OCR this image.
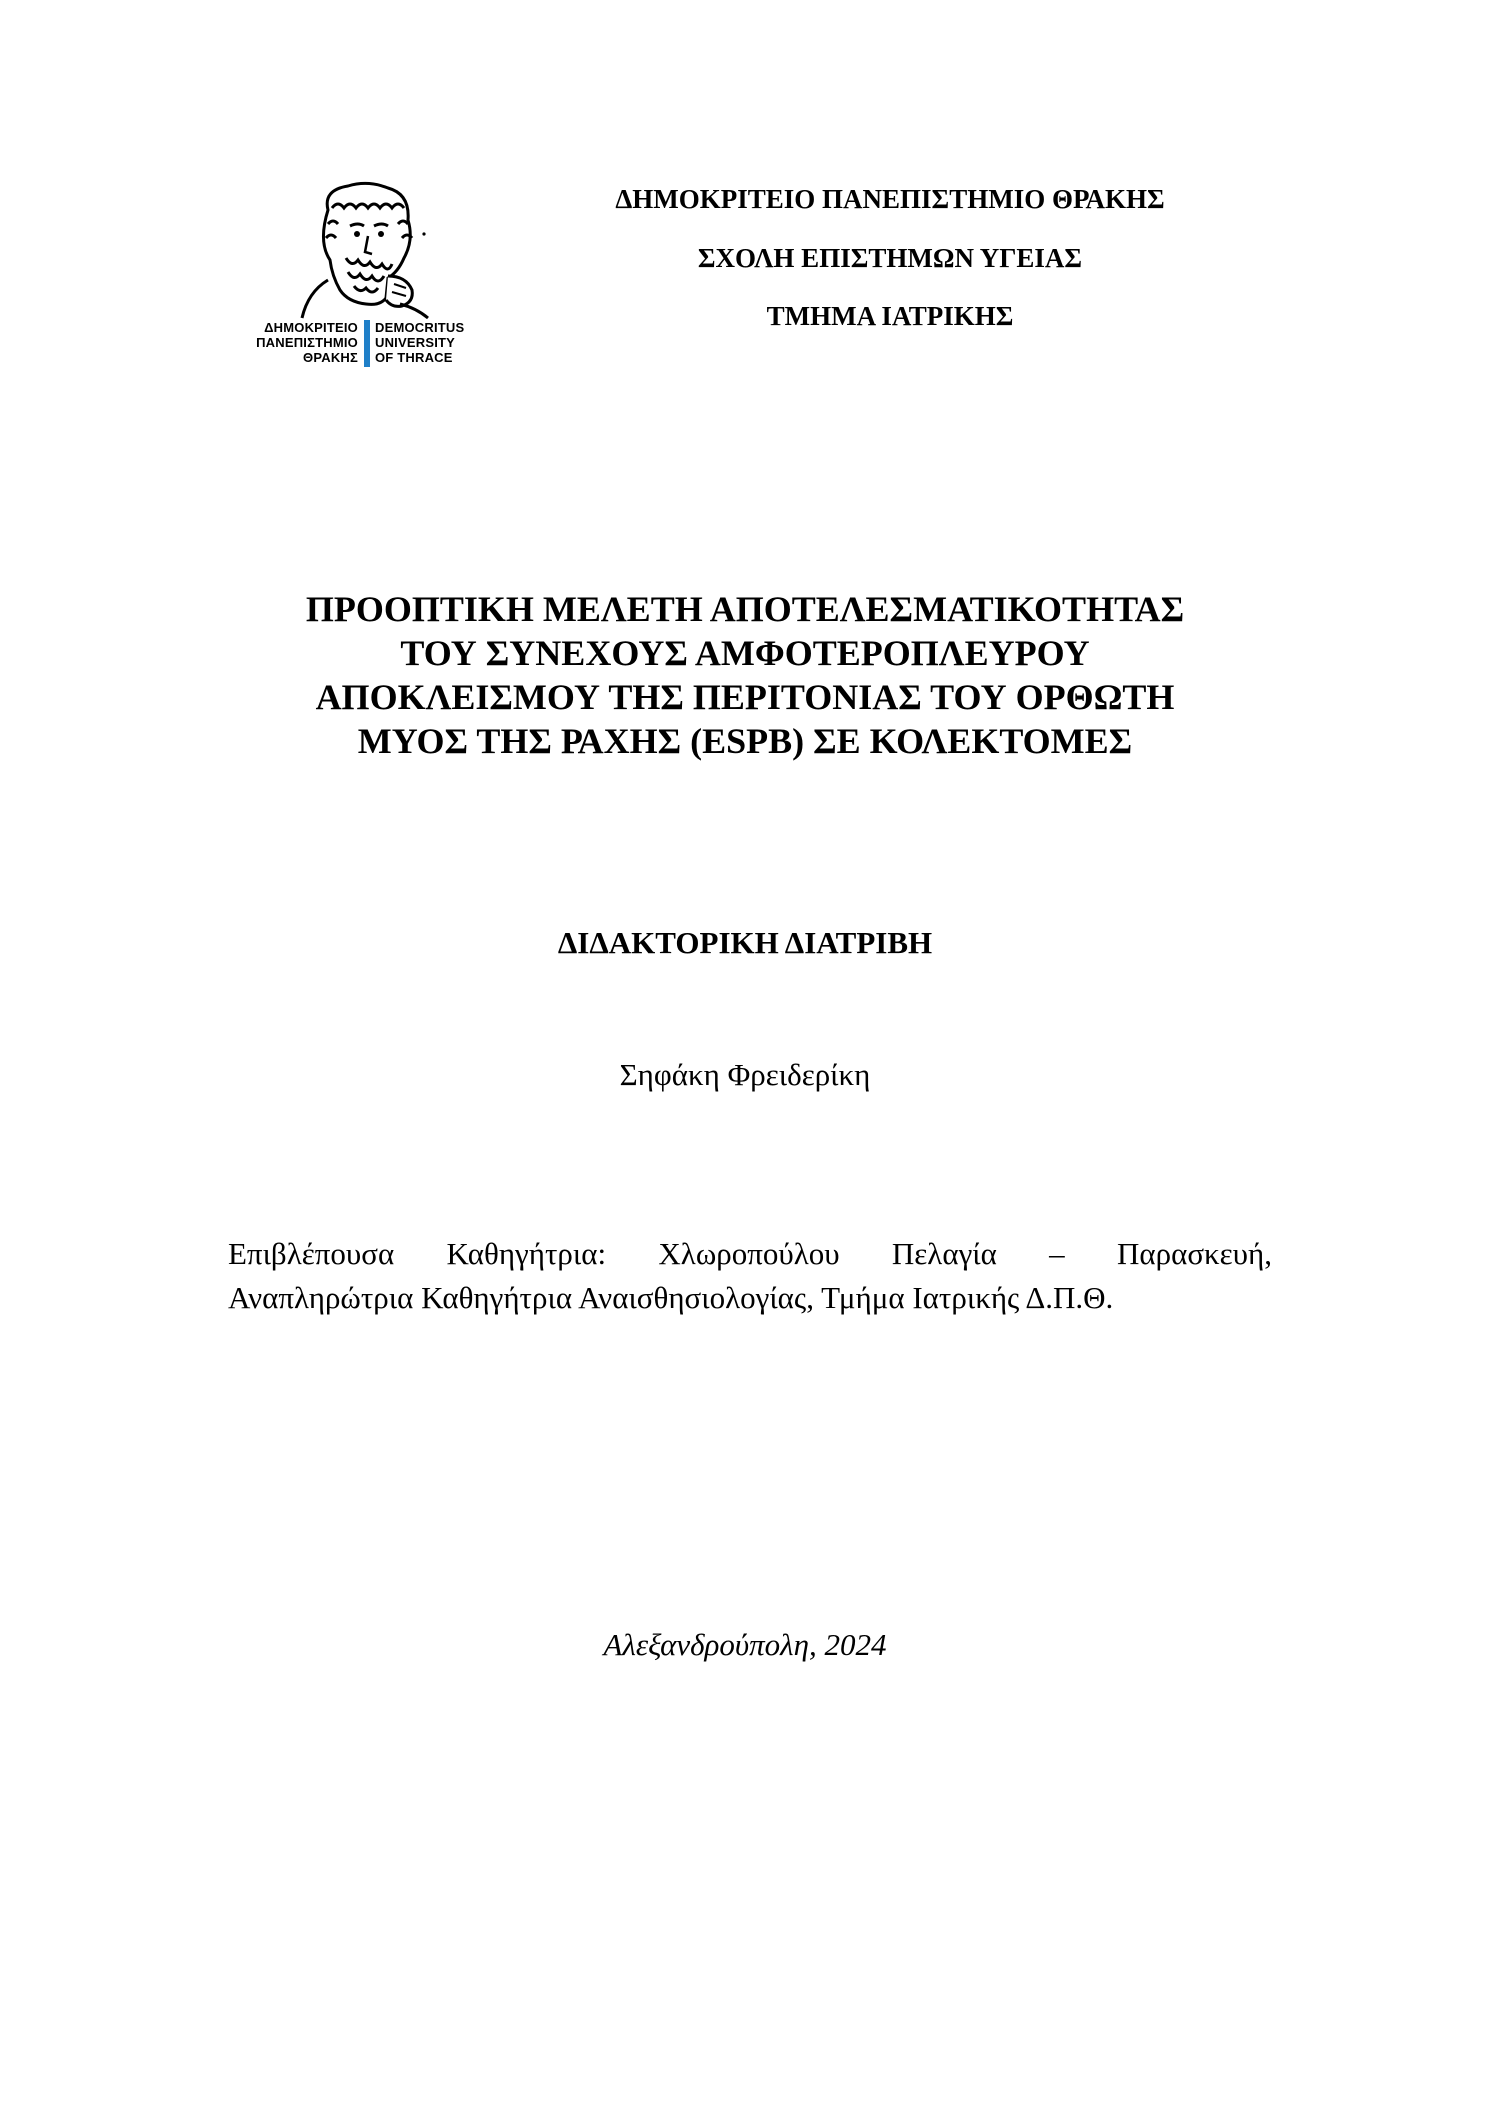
ΔΗΜΟΚΡΙΤΕΙΟ
ΠΑΝΕΠΙΣΤΗΜΙΟ
ΘΡΑΚΗΣ
DEMOCRITUS
UNIVERSITY
OF THRACE
ΔΗΜΟΚΡΙΤΕΙΟ ΠΑΝΕΠΙΣΤΗΜΙΟ ΘΡΑΚΗΣ
ΣΧΟΛΗ ΕΠΙΣΤΗΜΩΝ ΥΓΕΙΑΣ
ΤΜΗΜΑ ΙΑΤΡΙΚΗΣ
ΠΡΟΟΠΤΙΚΗ ΜΕΛΕΤΗ ΑΠΟΤΕΛΕΣΜΑΤΙΚΟΤΗΤΑΣ
ΤΟΥ ΣΥΝΕΧΟΥΣ ΑΜΦΟΤΕΡΟΠΛΕΥΡΟΥ
ΑΠΟΚΛΕΙΣΜΟΥ ΤΗΣ ΠΕΡΙΤΟΝΙΑΣ ΤΟΥ ΟΡΘΩΤΗ
ΜΥΟΣ ΤΗΣ ΡΑΧΗΣ (ESPB) ΣΕ ΚΟΛΕΚΤΟΜΕΣ
ΔΙΔΑΚΤΟΡΙΚΗ ΔΙΑΤΡΙΒΗ
Σηφάκη Φρειδερίκη
Επιβλέπουσα Καθηγήτρια: Χλωροπούλου Πελαγία – Παρασκευή,
Αναπληρώτρια Καθηγήτρια Αναισθησιολογίας, Τμήμα Ιατρικής Δ.Π.Θ.
Αλεξανδρούπολη, 2024
